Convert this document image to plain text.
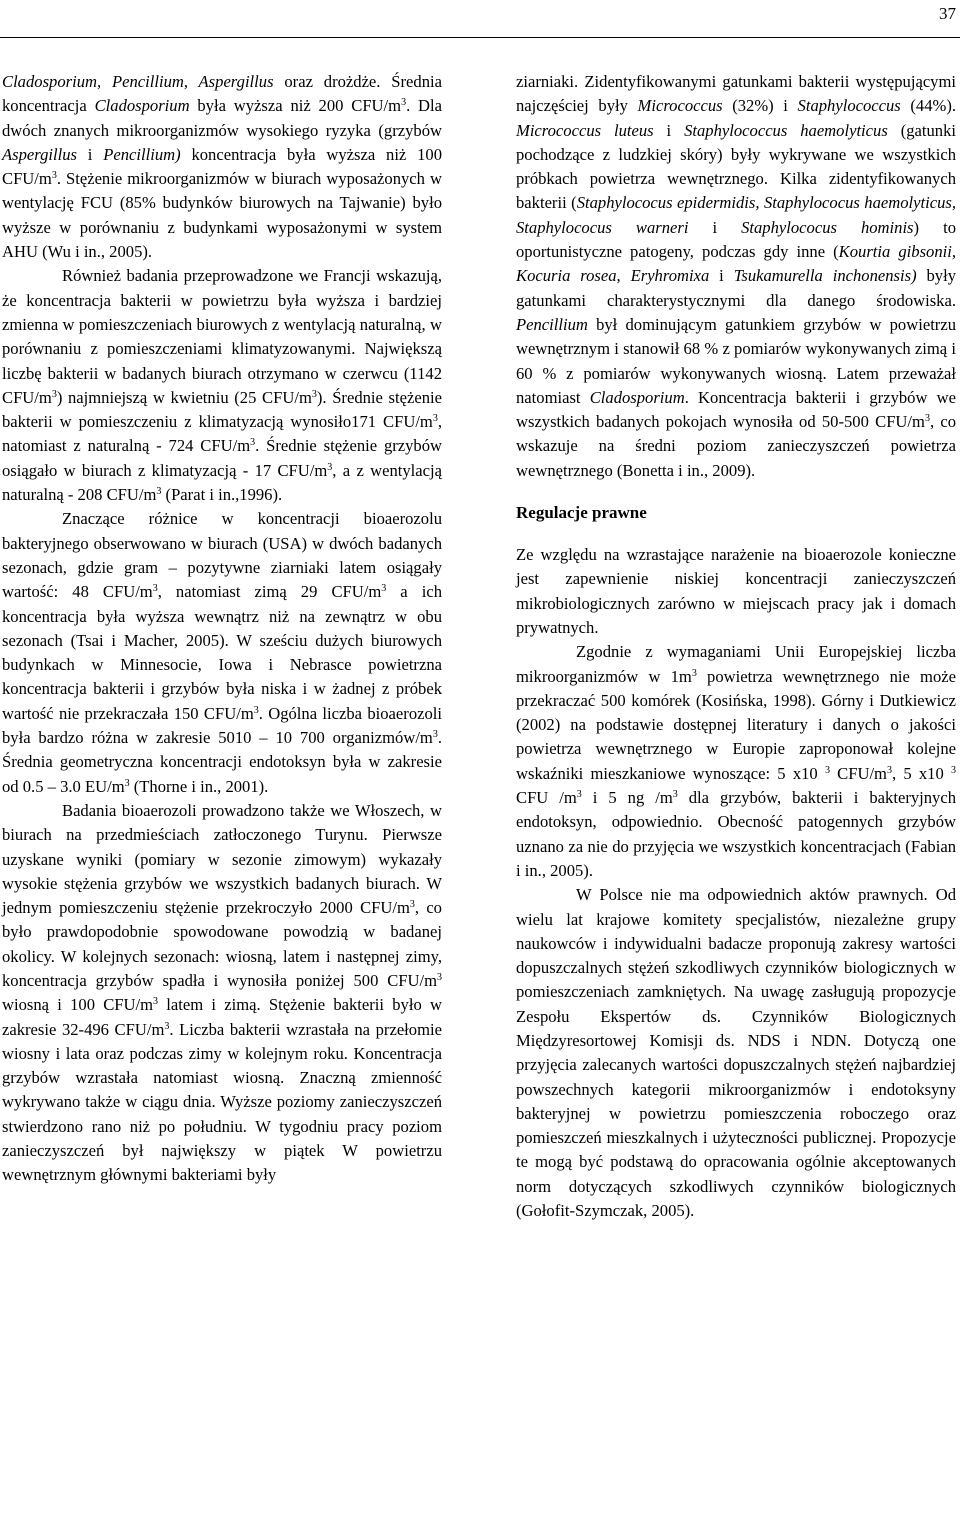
37

Cladosporium, Pencillium, Aspergillus oraz drożdże. Średnia koncentracja Cladosporium była wyższa niż 200 CFU/$m^3$. Dla dwóch znanych mikroorganizmów wysokiego ryzyka (grzybów Aspergillus i Pencillium) koncentracja była wyższa niż 100 CFU/$m^3$. Stężenie mikroorganizmów w biurach wyposażonych w wentylację FCU (85% budynków biurowych na Tajwanie) było wyższe w porównaniu z budynkami wyposażonymi w system AHU (Wu i in., 2005).

Również badania przeprowadzone we Francji wskazują, że koncentracja bakterii w powietrzu była wyższa i bardziej zmienna w pomieszczeniach biurowych z wentylacją naturalną, w porównaniu z pomieszczeniami klimatyzowanymi. Największą liczbę bakterii w badanych biurach otrzymano w czerwcu (1142 CFU/$m^3$) najmniejszą w kwietniu (25 CFU/$m^3$). Średnie stężenie bakterii w pomieszczeniu z klimatyzacją wynosiło171 CFU/$m^3$, natomiast z naturalną - 724 CFU/$m^3$. Średnie stężenie grzybów osiągało w biurach z klimatyzacją - 17 CFU/$m^3$, a z wentylacją naturalną - 208 CFU/$m^3$ (Parat i in.,1996).

Znaczące różnice w koncentracji bioaerozolu bakteryjnego obserwowano w biurach (USA) w dwóch badanych sezonach, gdzie gram – pozytywne ziarniaki latem osiągały wartość: 48 CFU/$m^3$, natomiast zimą 29 CFU/$m^3$ a ich koncentracja była wyższa wewnątrz niż na zewnątrz w obu sezonach (Tsai i Macher, 2005). W sześciu dużych biurowych budynkach w Minnesocie, Iowa i Nebrasce powietrzna koncentracja bakterii i grzybów była niska i w żadnej z próbek wartość nie przekraczała 150 CFU/$m^3$. Ogólna liczba bioaerozoli była bardzo różna w zakresie 5010 – 10 700 organizmów/$m^3$. Średnia geometryczna koncentracji endotoksyn była w zakresie od 0.5 – 3.0 $EU/m^3$ (Thorne i in., 2001).

Badania bioaerozoli prowadzono także we Włoszech, w biurach na przedmieściach zatłoczonego Turynu. Pierwsze uzyskane wyniki (pomiary w sezonie zimowym) wykazały wysokie stężenia grzybów we wszystkich badanych biurach. W jednym pomieszczeniu stężenie przekroczyło 2000 CFU/$m^3$, co było prawdopodobnie spowodowane powodzią w badanej okolicy. W kolejnych sezonach: wiosną, latem i następnej zimy, koncentracja grzybów spadła i wynosiła poniżej 500 CFU/$m^3$ wiosną i 100 CFU/$m^3$ latem i zimą. Stężenie bakterii było w zakresie 32-496 CFU/$m^3$. Liczba bakterii wzrastała na przełomie wiosny i lata oraz podczas zimy w kolejnym roku. Koncentracja grzybów wzrastała natomiast wiosną. Znaczną zmienność wykrywano także w ciągu dnia. Wyższe poziomy zanieczyszczeń stwierdzono rano niż po południu. W tygodniu pracy poziom zanieczyszczeń był największy w piątek W powietrzu wewnętrznym głównymi bakteriami były

ziarniaki. Zidentyfikowanymi gatunkami bakterii występującymi najczęściej były Micrococcus (32%) i Staphylococcus (44%). Micrococcus luteus i Staphylococcus haemolyticus (gatunki pochodzące z ludzkiej skóry) były wykrywane we wszystkich próbkach powietrza wewnętrznego. Kilka zidentyfikowanych bakterii (Staphylococus epidermidis, Staphylococus haemolyticus, Staphylococus warneri i Staphylococus hominis) to oportunistyczne patogeny, podczas gdy inne (Kourtia gibsonii, Kocuria rosea, Eryhromixa i Tsukamurella inchonensis) były gatunkami charakterystycznymi dla danego środowiska. Pencillium był dominującym gatunkiem grzybów w powietrzu wewnętrznym i stanowił 68 % z pomiarów wykonywanych zimą i 60 % z pomiarów wykonywanych wiosną. Latem przeważał natomiast Cladosporium. Koncentracja bakterii i grzybów we wszystkich badanych pokojach wynosiła od 50-500 CFU/$m^3$, co wskazuje na średni poziom zanieczyszczeń powietrza wewnętrznego (Bonetta i in., 2009).

Regulacje prawne

Ze względu na wzrastające narażenie na bioaerozole konieczne jest zapewnienie niskiej koncentracji zanieczyszczeń mikrobiologicznych zarówno w miejscach pracy jak i domach prywatnych.

Zgodnie z wymaganiami Unii Europejskiej liczba mikroorganizmów w $1m^3$ powietrza wewnętrznego nie może przekraczać 500 komórek (Kosińska, 1998). Górny i Dutkiewicz (2002) na podstawie dostępnej literatury i danych o jakości powietrza wewnętrznego w Europie zaproponował kolejne wskaźniki mieszkaniowe wynoszące: 5 x10 $^3$ CFU/$m^3$, 5 x10 $^3$ CFU $/m^3$ i 5 ng $/m^3$ dla grzybów, bakterii i bakteryjnych endotoksyn, odpowiednio. Obecność patogennych grzybów uznano za nie do przyjęcia we wszystkich koncentracjach (Fabian i in., 2005).

W Polsce nie ma odpowiednich aktów prawnych. Od wielu lat krajowe komitety specjalistów, niezależne grupy naukowców i indywidualni badacze proponują zakresy wartości dopuszczalnych stężeń szkodliwych czynników biologicznych w pomieszczeniach zamkniętych. Na uwagę zasługują propozycje Zespołu Ekspertów ds. Czynników Biologicznych Międzyresortowej Komisji ds. NDS i NDN. Dotyczą one przyjęcia zalecanych wartości dopuszczalnych stężeń najbardziej powszechnych kategorii mikroorganizmów i endotoksyny bakteryjnej w powietrzu pomieszczenia roboczego oraz pomieszczeń mieszkalnych i użyteczności publicznej. Propozycje te mogą być podstawą do opracowania ogólnie akceptowanych norm dotyczących szkodliwych czynników biologicznych (Gołofit-Szymczak, 2005).
